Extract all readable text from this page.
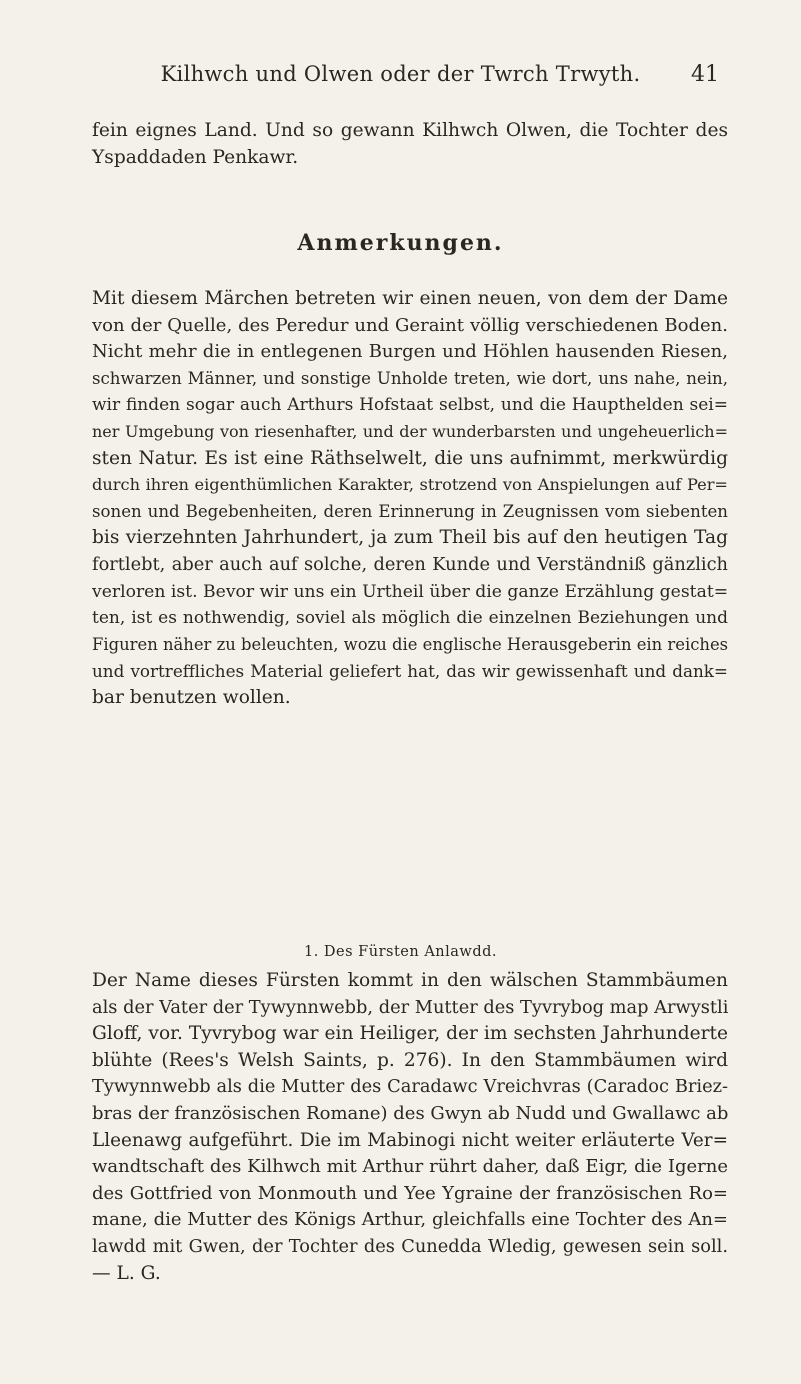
Kilhwch und Olwen oder der Twrch Trwyth.	41
fein eignes Land. Und so gewann Kilhwch Olwen, die Tochter des
Yspaddaden Penkawr.
Anmerkungen.
Mit diesem Märchen betreten wir einen neuen, von dem der Dame
von der Quelle, des Peredur und Geraint völlig verschiedenen Boden.
Nicht mehr die in entlegenen Burgen und Höhlen hausenden Riesen,
schwarzen Männer, und sonstige Unholde treten, wie dort, uns nahe, nein,
wir finden sogar auch Arthurs Hofstaat selbst, und die Haupthelden sei=
ner Umgebung von riesenhafter, und der wunderbarsten und ungeheuerlich=
sten Natur. Es ist eine Räthselwelt, die uns aufnimmt, merkwürdig
durch ihren eigenthümlichen Karakter, strotzend von Anspielungen auf Per=
sonen und Begebenheiten, deren Erinnerung in Zeugnissen vom siebenten
bis vierzehnten Jahrhundert, ja zum Theil bis auf den heutigen Tag
fortlebt, aber auch auf solche, deren Kunde und Verständniß gänzlich
verloren ist. Bevor wir uns ein Urtheil über die ganze Erzählung gestat=
ten, ist es nothwendig, soviel als möglich die einzelnen Beziehungen und
Figuren näher zu beleuchten, wozu die englische Herausgeberin ein reiches
und vortreffliches Material geliefert hat, das wir gewissenhaft und dank=
bar benutzen wollen.
1. Des Fürsten Anlawdd.
Der Name dieses Fürsten kommt in den wälschen Stammbäumen
als der Vater der Tywynnwebb, der Mutter des Tyvrybog map Arwystli
Gloff, vor. Tyvrybog war ein Heiliger, der im sechsten Jahrhunderte
blühte (Rees's Welsh Saints, p. 276). In den Stammbäumen wird
Tywynnwebb als die Mutter des Caradawc Vreichvras (Caradoc Briez-
bras der französischen Romane) des Gwyn ab Nudd und Gwallawc ab
Lleenawg aufgeführt. Die im Mabinogi nicht weiter erläuterte Ver=
wandtschaft des Kilhwch mit Arthur rührt daher, daß Eigr, die Igerne
des Gottfried von Monmouth und Yee Ygraine der französischen Ro=
mane, die Mutter des Königs Arthur, gleichfalls eine Tochter des An=
lawdd mit Gwen, der Tochter des Cunedda Wledig, gewesen sein soll.
— L. G.
